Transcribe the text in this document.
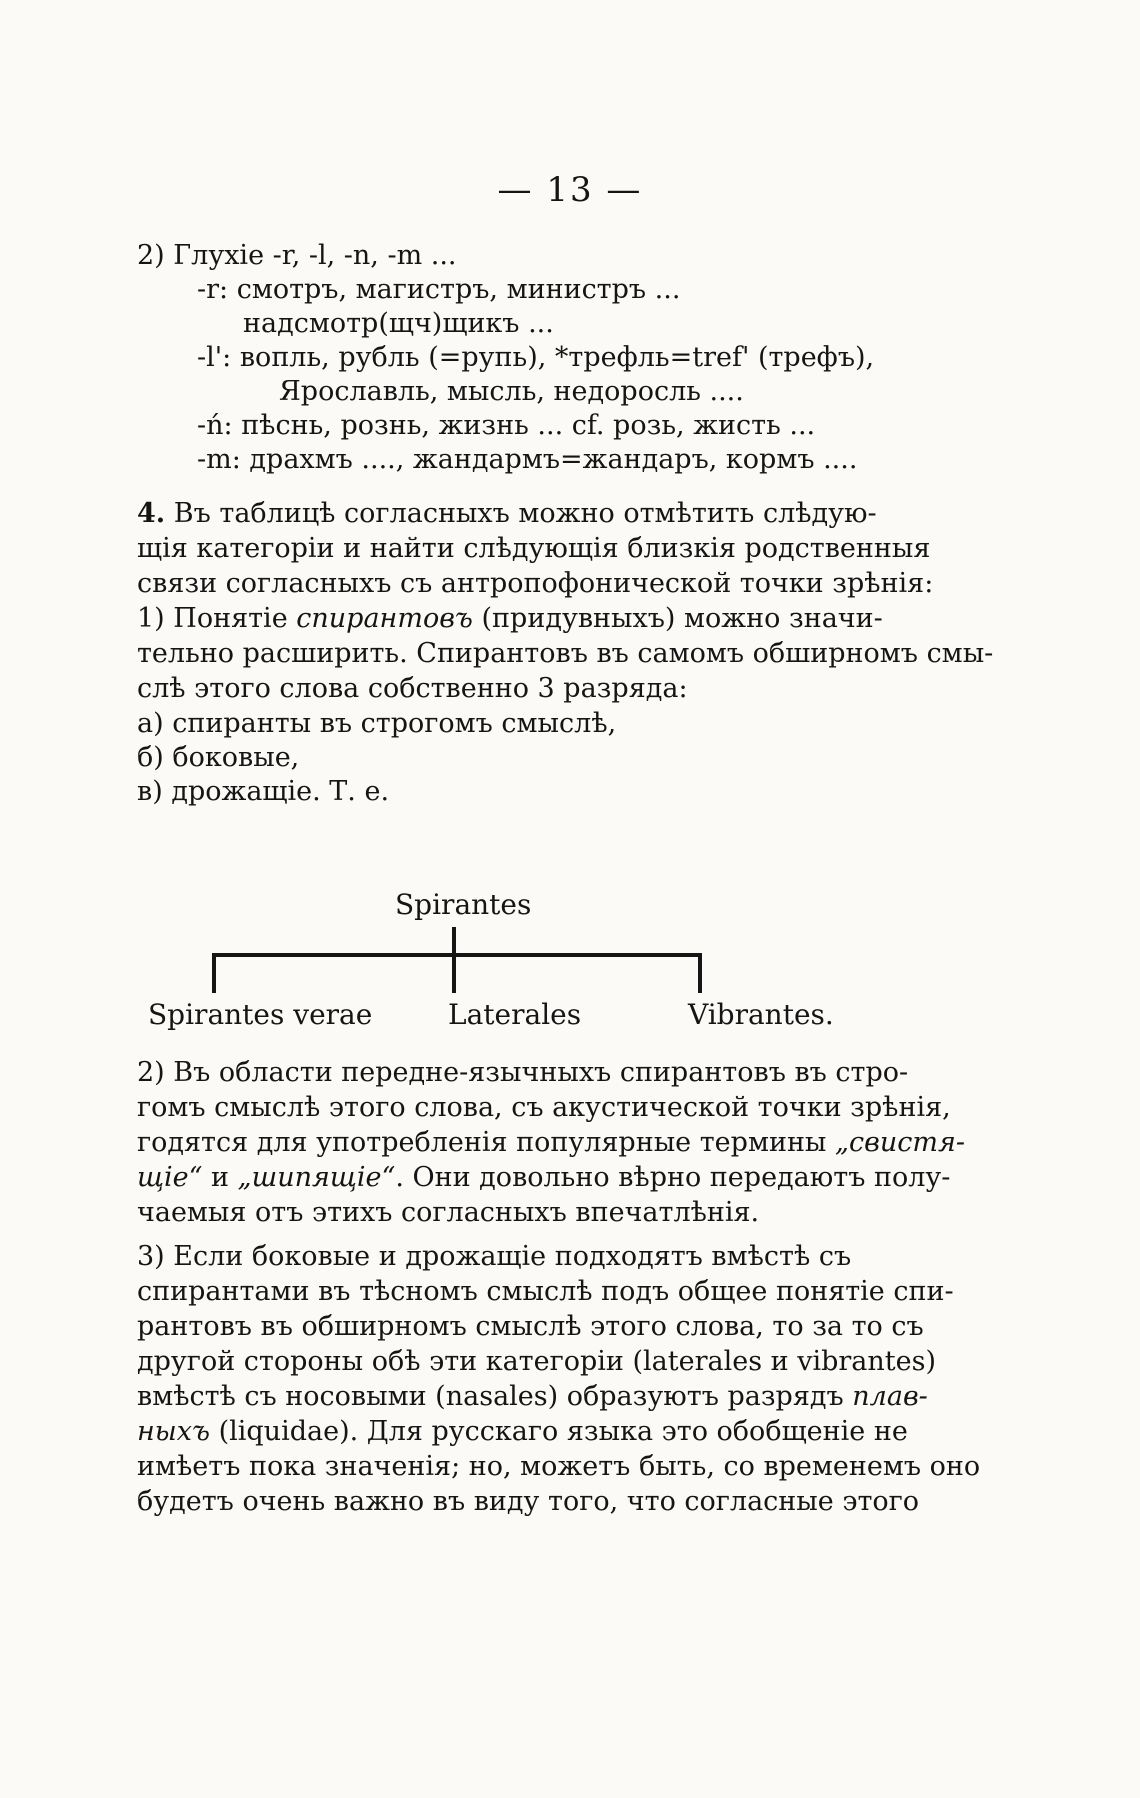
— 13 —
2) Глухіе -r, -l, -n, -m ...
-r: смотръ, магистръ, министръ ...
надсмотр(щч)щикъ ...
-l': вопль, рубль (=рупь), *трефль=tref' (трефъ),
Ярославль, мысль, недоросль ....
-ń: пѣснь, рознь, жизнь ... cf. розь, жисть ...
-m: драхмъ ...., жандармъ=жандаръ, кормъ ....
4. Въ таблицѣ согласныхъ можно отмѣтить слѣдую-
щія категоріи и найти слѣдующія близкія родственныя
связи согласныхъ съ антропофонической точки зрѣнія:
1) Понятіе спирантовъ (придувныхъ) можно значи-
тельно расширить. Спирантовъ въ самомъ обширномъ смы-
слѣ этого слова собственно 3 разряда:
а) спиранты въ строгомъ смыслѣ,
б) боковые,
в) дрожащіе. Т. е.
Spirantes
Spirantes verae	Laterales	Vibrantes.
2) Въ области передне-язычныхъ спирантовъ въ стро-
гомъ смыслѣ этого слова, съ акустической точки зрѣнія,
годятся для употребленія популярные термины „свистя-
щіе“ и „шипящіе“. Они довольно вѣрно передаютъ полу-
чаемыя отъ этихъ согласныхъ впечатлѣнія.
3) Если боковые и дрожащіе подходятъ вмѣстѣ съ
спирантами въ тѣсномъ смыслѣ подъ общее понятіе спи-
рантовъ въ обширномъ смыслѣ этого слова, то за то съ
другой стороны обѣ эти категоріи (laterales и vibrantes)
вмѣстѣ съ носовыми (nasales) образуютъ разрядъ плав-
ныхъ (liquidae). Для русскаго языка это обобщеніе не
имѣетъ пока значенія; но, можетъ быть, со временемъ оно
будетъ очень важно въ виду того, что согласные этого
